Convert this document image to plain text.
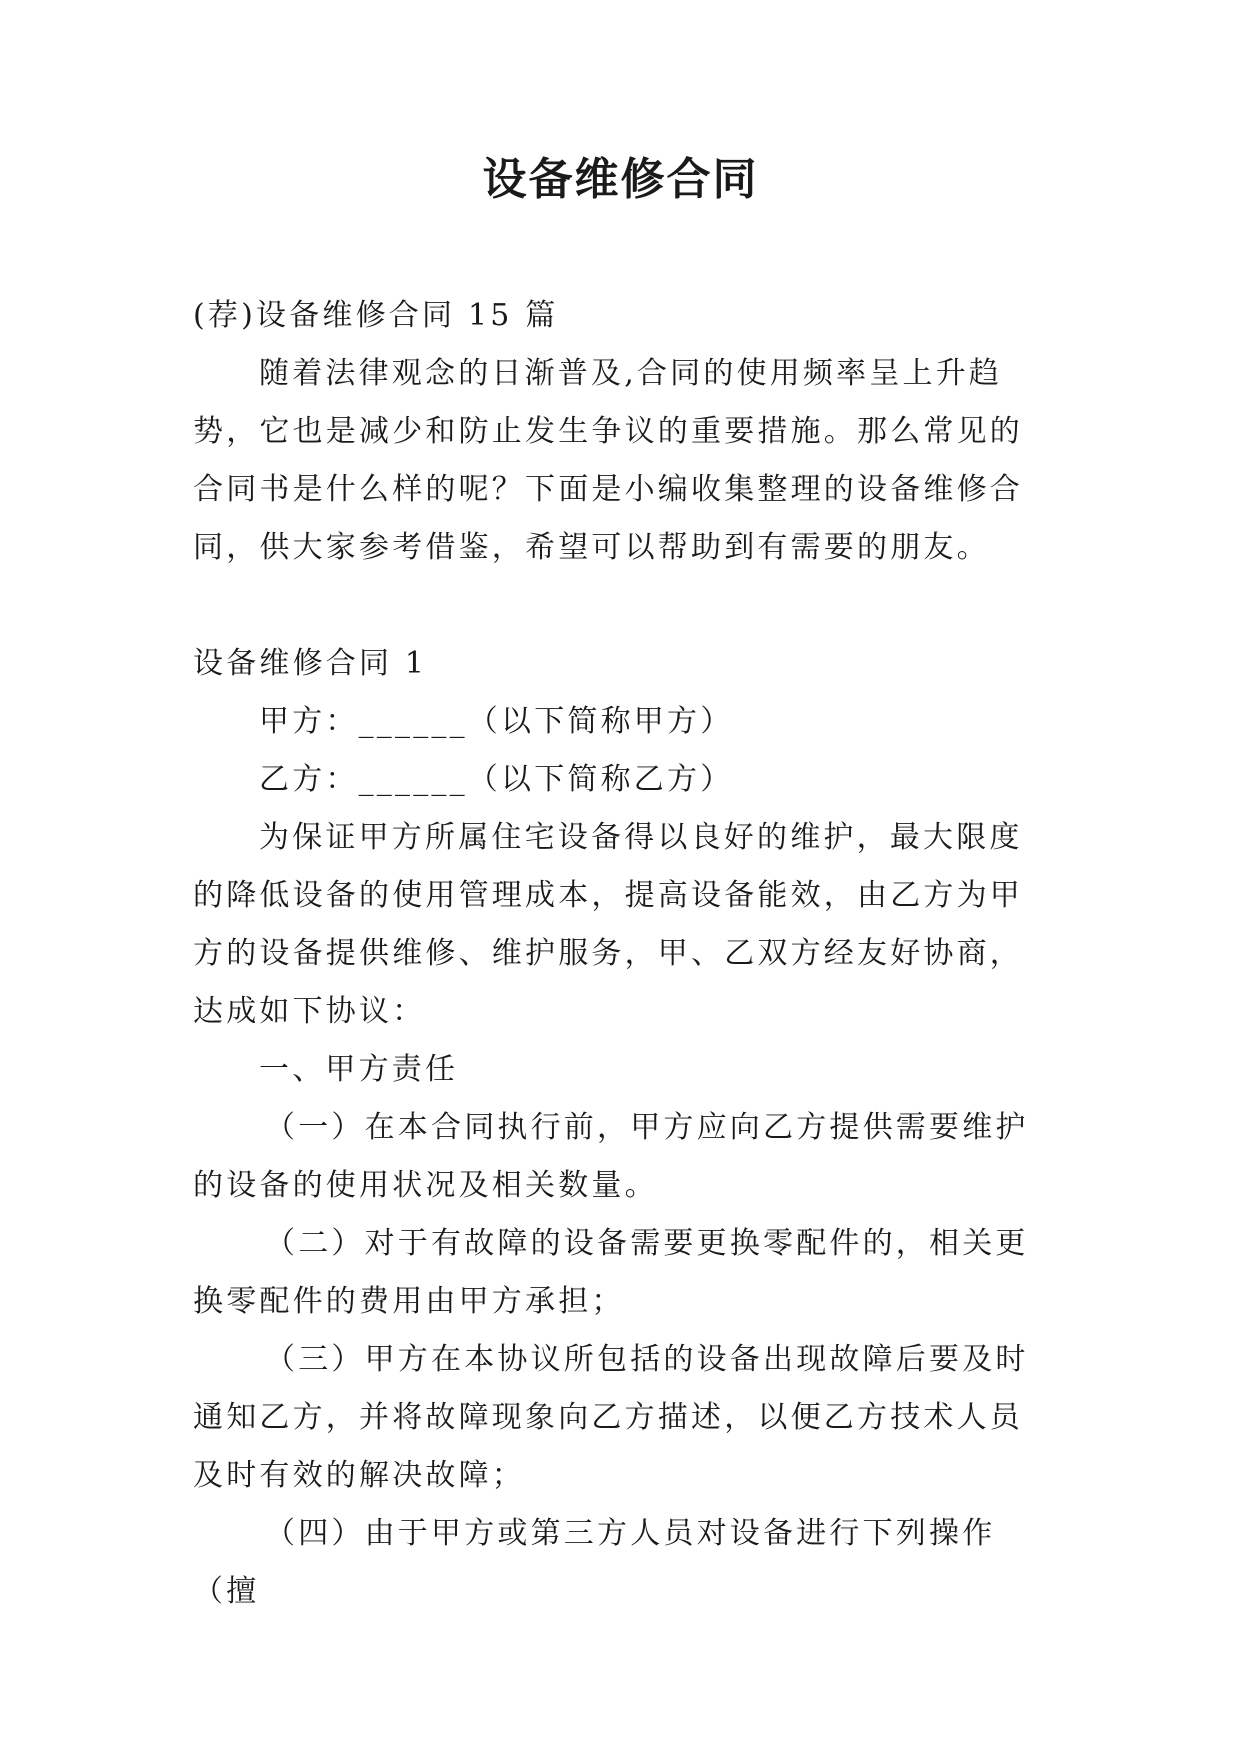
设备维修合同

(荐)设备维修合同 15 篇

随着法律观念的日渐普及,合同的使用频率呈上升趋势，它也是减少和防止发生争议的重要措施。那么常见的合同书是什么样的呢？下面是小编收集整理的设备维修合同，供大家参考借鉴，希望可以帮助到有需要的朋友。

设备维修合同 1

甲方：______（以下简称甲方）

乙方：______（以下简称乙方）

为保证甲方所属住宅设备得以良好的维护，最大限度的降低设备的使用管理成本，提高设备能效，由乙方为甲方的设备提供维修、维护服务，甲、乙双方经友好协商，达成如下协议：

一、甲方责任

（一）在本合同执行前，甲方应向乙方提供需要维护的设备的使用状况及相关数量。

（二）对于有故障的设备需要更换零配件的，相关更换零配件的费用由甲方承担；

（三）甲方在本协议所包括的设备出现故障后要及时通知乙方，并将故障现象向乙方描述，以便乙方技术人员及时有效的解决故障；

（四）由于甲方或第三方人员对设备进行下列操作（擅
